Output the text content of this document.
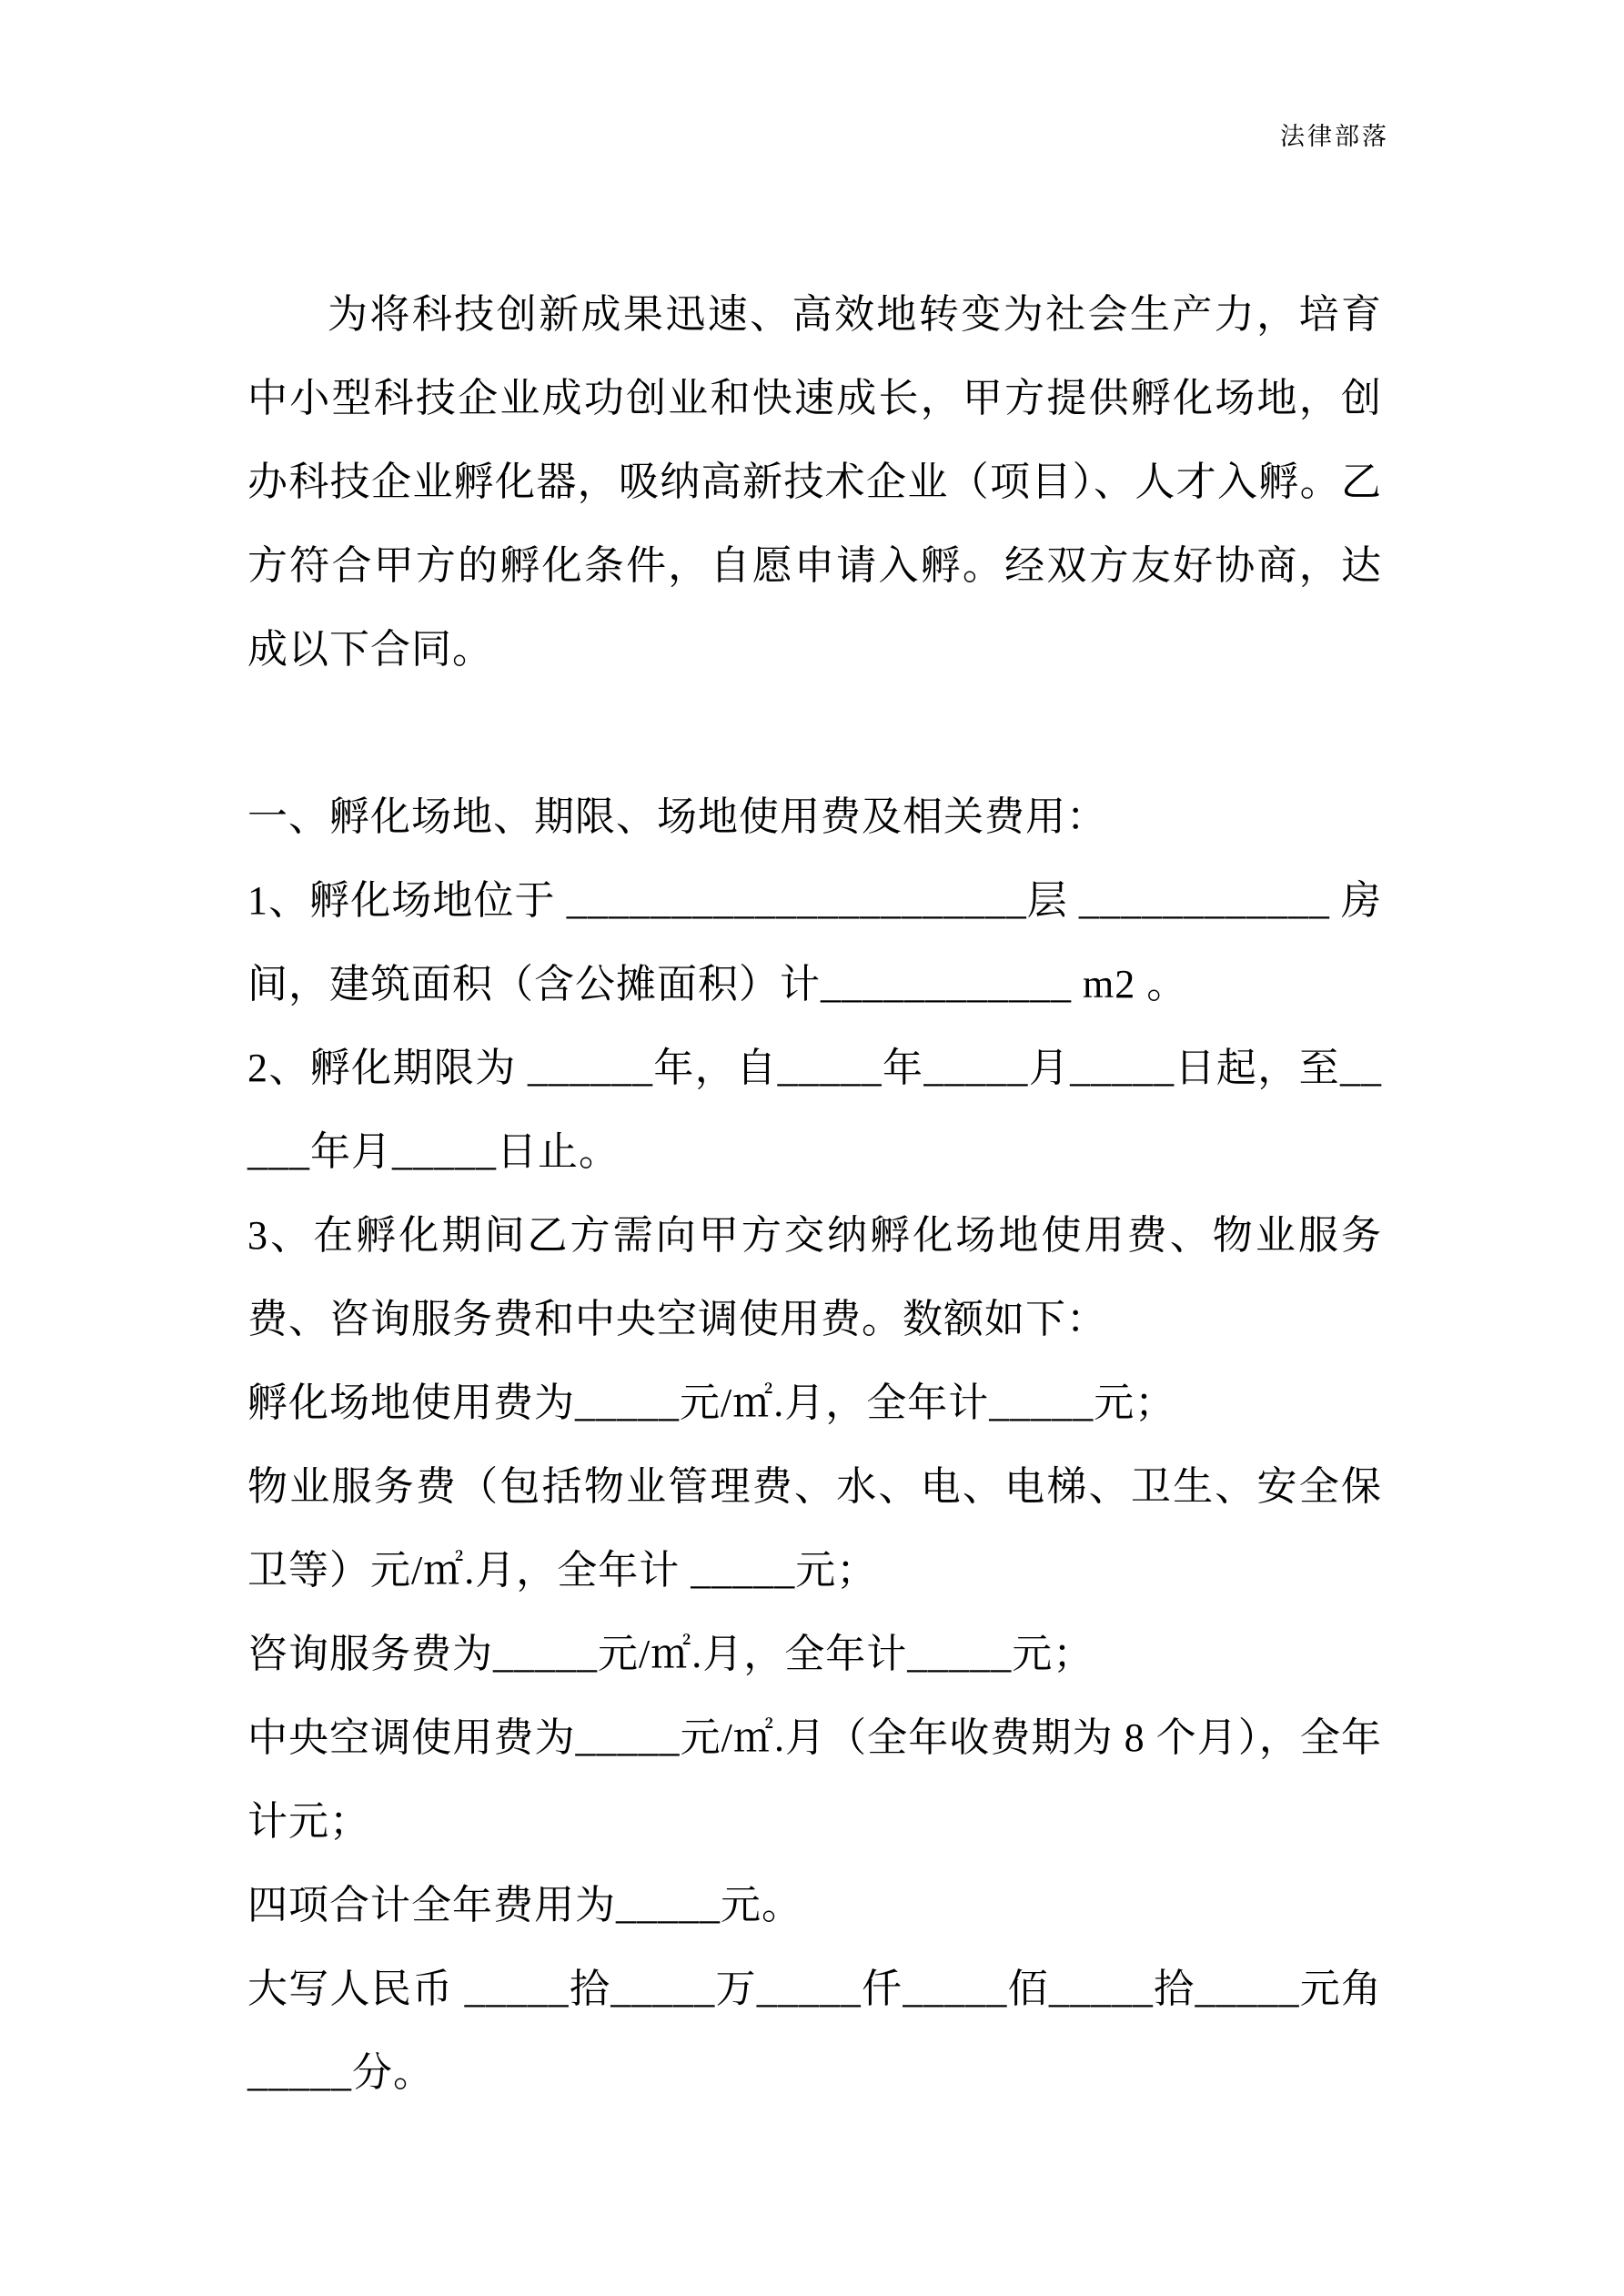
法律部落

为将科技创新成果迅速、高效地转变为社会生产力，培育中小型科技企业成功创业和快速成长，甲方提供孵化场地，创办科技企业孵化器，吸纳高新技术企业（项目）、人才入孵。乙方符合甲方的孵化条件，自愿申请入孵。经双方友好协商，达成以下合同。

一、孵化场地、期限、场地使用费及相关费用：

1、孵化场地位于 ______________________层 ____________ 房间，建筑面积（含公摊面积）计____________ m2 。

2、孵化期限为 ______年，自_____年_____月_____日起，至_____年月_____日止。

3、在孵化期间乙方需向甲方交纳孵化场地使用费、物业服务费、咨询服务费和中央空调使用费。数额如下：

孵化场地使用费为_____元/㎡.月，全年计_____元；

物业服务费（包括物业管理费、水、电、电梯、卫生、安全保卫等）元/㎡.月，全年计 _____元；

咨询服务费为_____元/㎡.月，全年计_____元；

中央空调使用费为_____元/㎡.月（全年收费期为 8 个月），全年计元；

四项合计全年费用为_____元。

大写人民币 _____拾_____万_____仟_____佰_____拾_____元角_____分。
